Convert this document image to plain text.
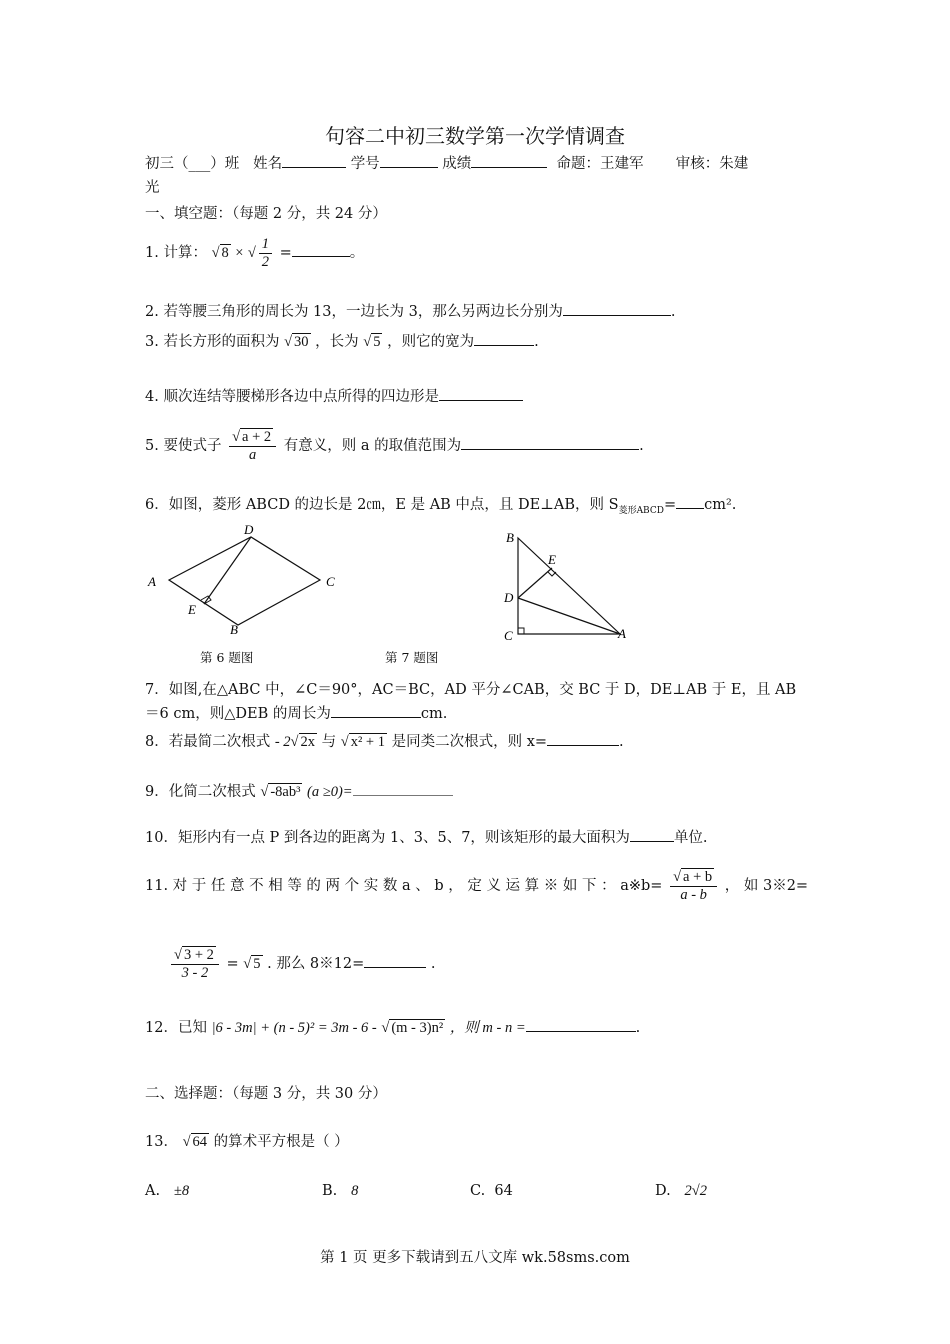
句容二中初三数学第一次学情调查
初三（___）班 姓名	学号	成绩	命题：王建军 审核：朱建
光
一、填空题：（每题 2 分，共 24 分）
1. 计算： √ 8 × √ $\frac{1}{2}$ =	。
2. 若等腰三角形的周长为 13，一边长为 3，那么另两边长分别为	.
3. 若长方形的面积为 √ 30 ，长为 √ 5 ，则它的宽为	.
4. 顺次连结等腰梯形各边中点所得的四边形是
5. 要使式子 $\frac{√ a + 2}{a}$ 有意义，则 a 的取值范围为	.
6．如图，菱形 ABCD 的边长是 2㎝，E 是 AB 中点，且 DE⊥AB，则 $S_{菱形ABCD}= cm^2$.
A
D
C
B
E
B
E
D
C	A
第 6 题图	第 7 题图
7．如图,在△ABC 中，∠C＝90°，AC＝BC，AD 平分∠CAB，交 BC 于 D，DE⊥AB 于 E，且 AB
＝6 cm，则△DEB 的周长为	cm.
8．若最简二次根式 - 2√ 2x 与 √ x² + 1 是同类二次根式，则 x=	.
9．化简二次根式 √ -8ab³ (a ≥0)=
10．矩形内有一点 P 到各边的距离为 1、3、5、7，则该矩形的最大面积为	单位.
11. 对 于 任 意 不 相 等 的 两 个 实 数 a 、 b ， 定 义 运 算 ※ 如 下 ： a※b= $\frac{√ a + b}{a - b}$ ， 如 3※2=
$\frac{√ 3 + 2}{3 - 2}$ = √ 5 . 那么 8※12=	.
12．已知 |6 - 3m| + (n - 5)² = 3m - 6 - √ (m - 3)n² ，则 m - n =	.
二、选择题：（每题 3 分，共 30 分）
13． √ 64 的算术平方根是（ ）
A. ±8	B. 8	C. 64	D. 2√2
第 1 页 更多下载请到五八文库 wk.58sms.com
